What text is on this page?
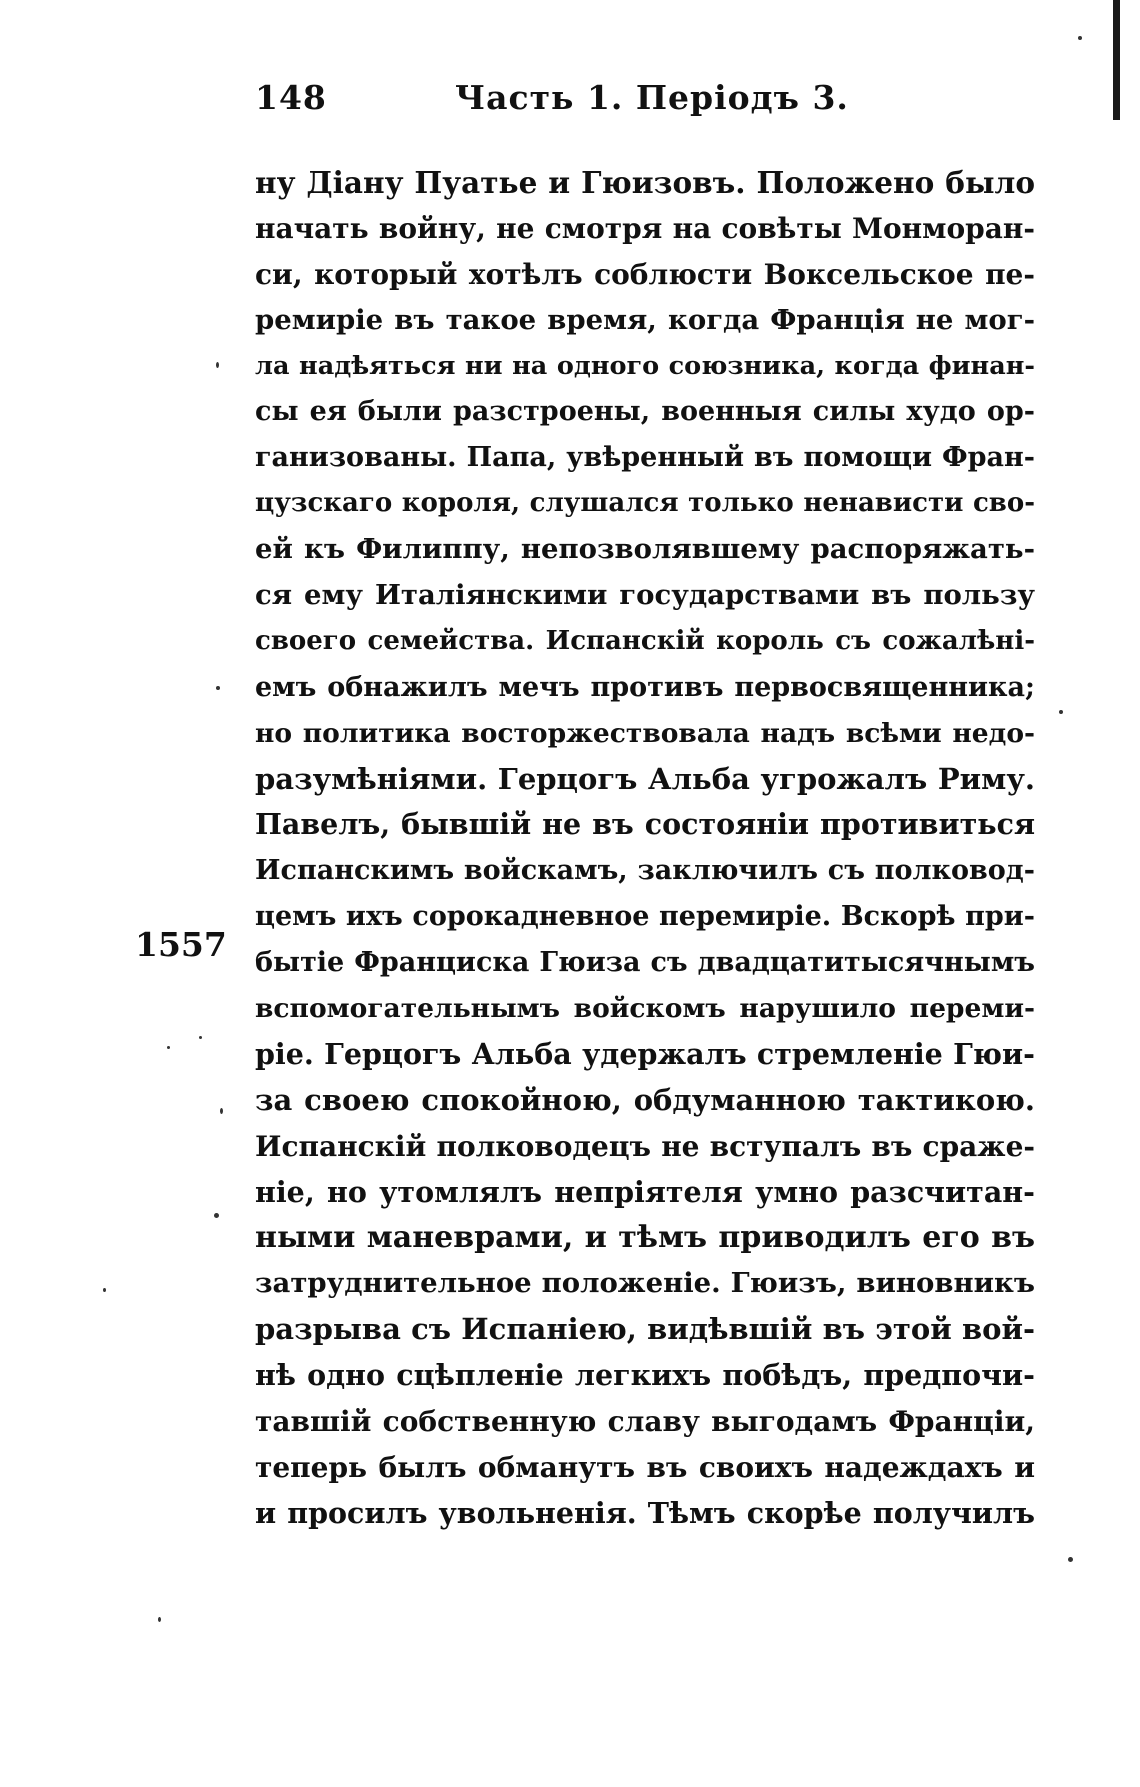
148	Часть 1. Періодъ 3.
1557
ну Діану Пуатье и Гюизовъ. Положено было
начать войну, не смотря на совѣты Монморан-
си, который хотѣлъ соблюсти Воксельское пе-
ремиріе въ такое время, когда Франція не мог-
ла надѣяться ни на одного союзника, когда финан-
сы ея были разстроены, военныя силы худо ор-
ганизованы. Папа, увѣренный въ помощи Фран-
цузскаго короля, слушался только ненависти сво-
ей къ Филиппу, непозволявшему распоряжать-
ся ему Италіянскими государствами въ пользу
своего семейства. Испанскій король съ сожалѣні-
емъ обнажилъ мечъ противъ первосвященника;
но политика восторжествовала надъ всѣми недо-
разумѣніями. Герцогъ Альба угрожалъ Риму.
Павелъ, бывшій не въ состояніи противиться
Испанскимъ войскамъ, заключилъ съ полковод-
цемъ ихъ сорокадневное перемиріе. Вскорѣ при-
бытіе Франциска Гюиза съ двадцатитысячнымъ
вспомогательнымъ войскомъ нарушило переми-
ріе. Герцогъ Альба удержалъ стремленіе Гюи-
за своею спокойною, обдуманною тактикою.
Испанскій полководецъ не вступалъ въ сраже-
ніе, но утомлялъ непріятеля умно разсчитан-
ными маневрами, и тѣмъ приводилъ его въ
затруднительное положеніе. Гюизъ, виновникъ
разрыва съ Испаніею, видѣвшій въ этой вой-
нѣ одно сцѣпленіе легкихъ побѣдъ, предпочи-
тавшій собственную славу выгодамъ Франціи,
теперь былъ обманутъ въ своихъ надеждахъ и
и просилъ увольненія. Тѣмъ скорѣе получилъ
